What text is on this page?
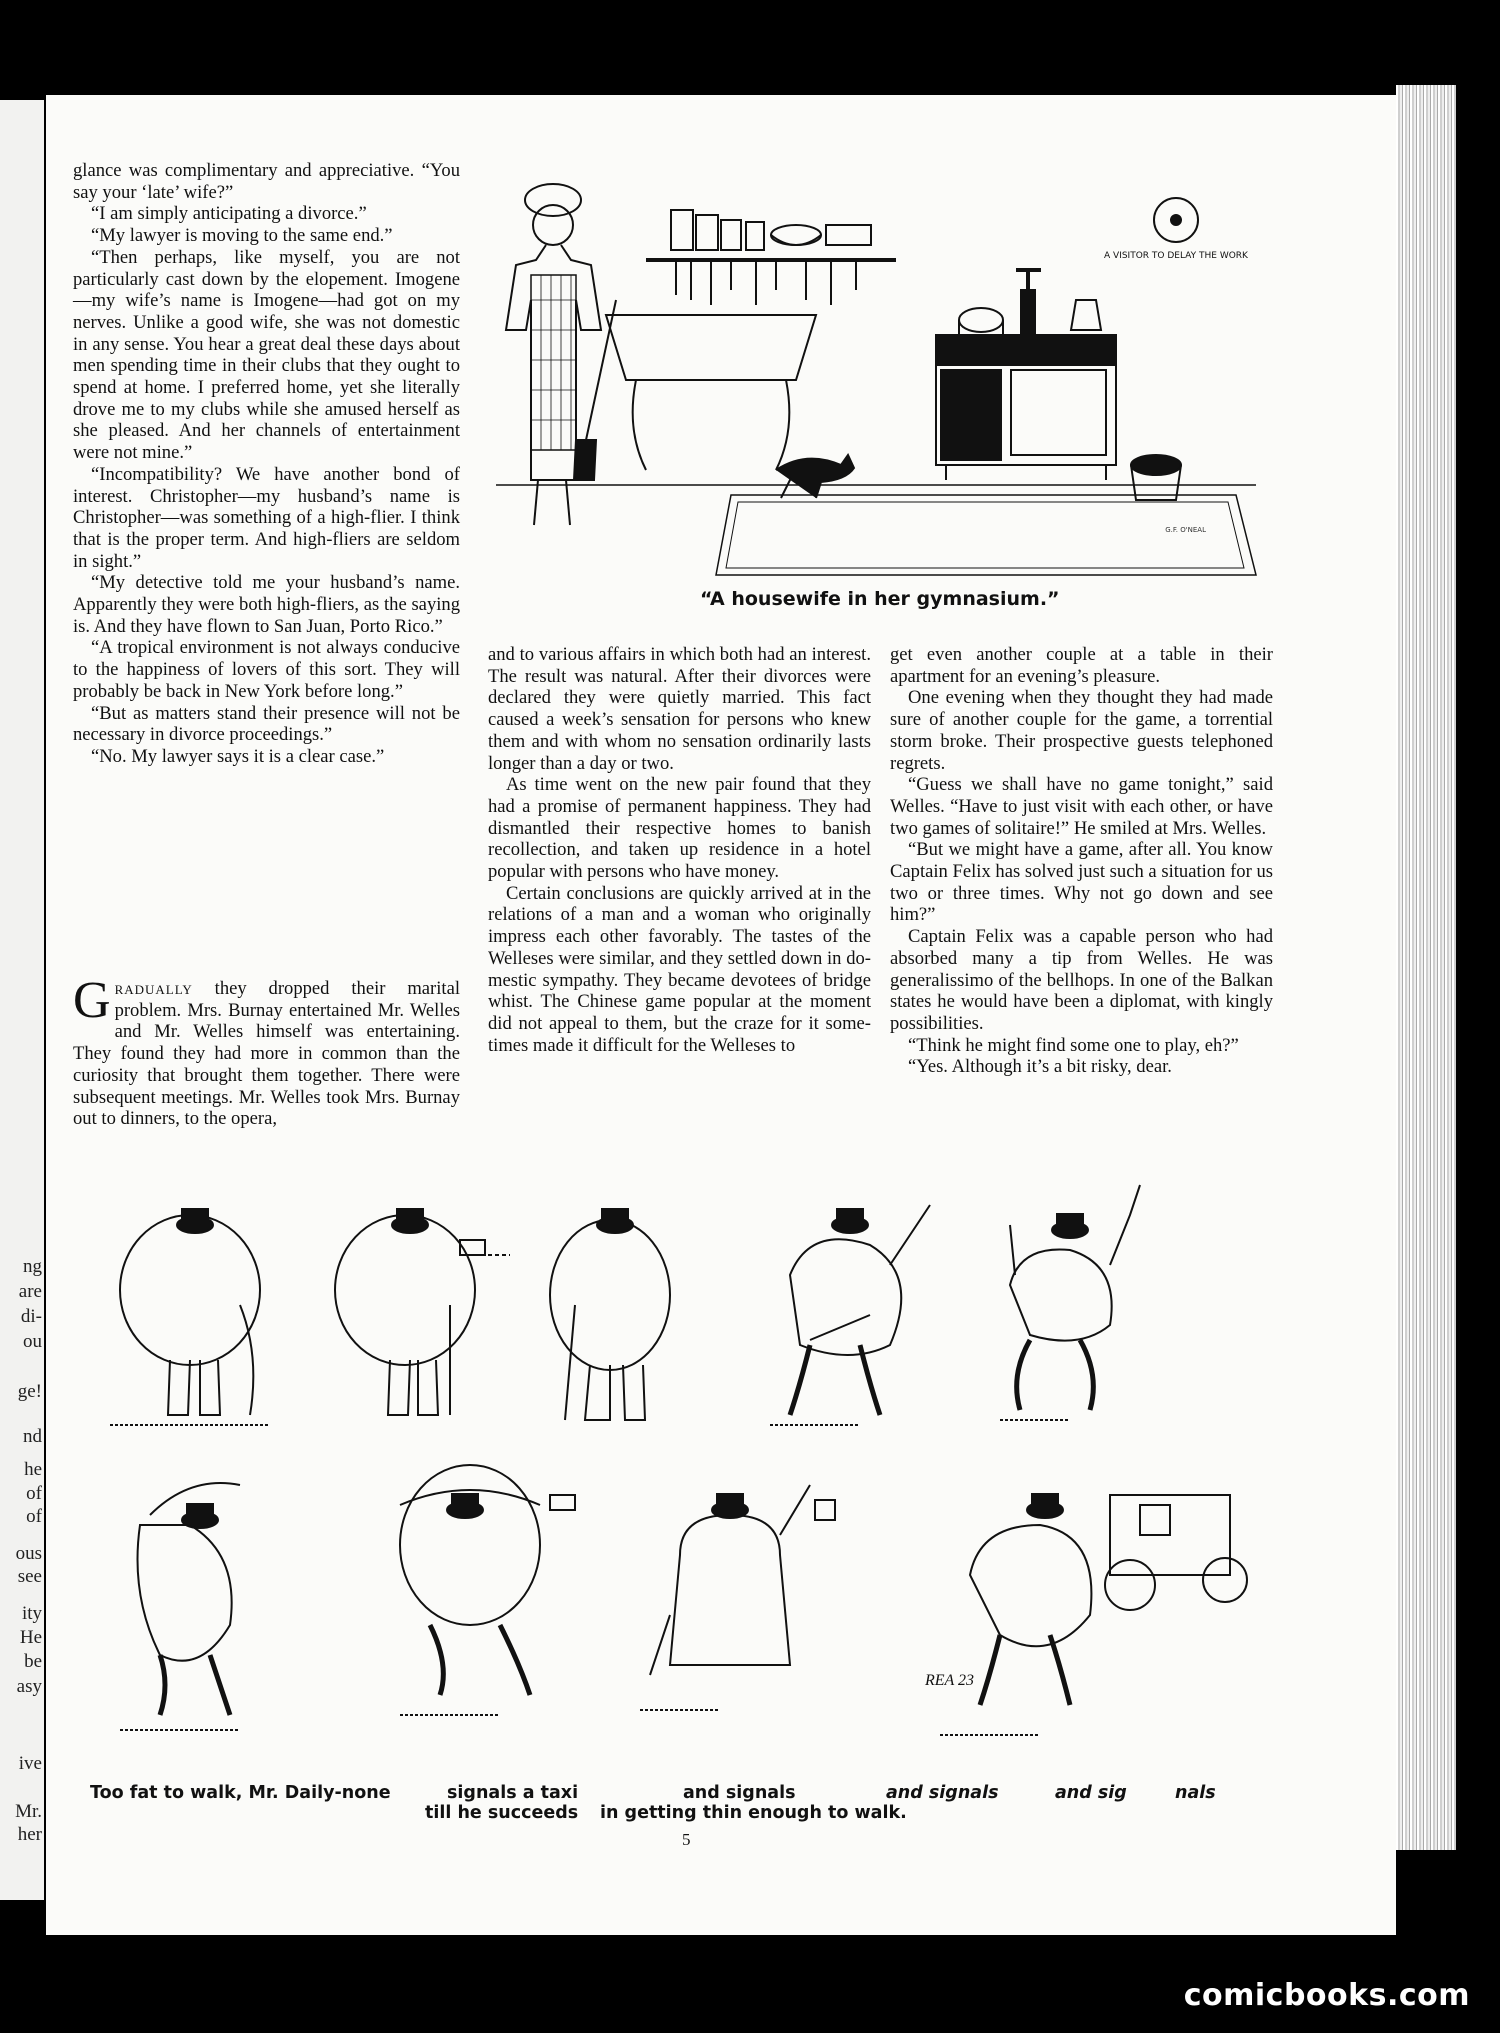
ng
are
di-
ou
ge!
nd
he
of
of
ous
see
ity
He
be
asy
ive
Mr.
her

glance was complimentary and appreciative. “You say your ‘late’ wife?”

“I am simply anticipating a divorce.”

“My lawyer is moving to the same end.”

“Then perhaps, like myself, you are not particularly cast down by the elopement. Imogene—my wife’s name is Imogene—had got on my nerves. Unlike a good wife, she was not domestic in any sense. You hear a great deal these days about men spending time in their clubs that they ought to spend at home. I preferred home, yet she literally drove me to my clubs while she amused herself as she pleased. And her channels of entertainment were not mine.”

“Incompatibility? We have another bond of interest. Christopher—my husband’s name is Christopher—was something of a high-flier. I think that is the proper term. And high-fliers are seldom in sight.”

“My detective told me your husband’s name. Apparently they were both high-fliers, as the saying is. And they have flown to San Juan, Porto Rico.”

“A tropical environment is not always conducive to the happiness of lovers of this sort. They will probably be back in New York before long.”

“But as matters stand their presence will not be necessary in divorce proceedings.”

“No. My lawyer says it is a clear case.”

Gradually they dropped their marital problem. Mrs. Burnay entertained Mr. Welles and Mr. Welles himself was entertaining. They found they had more in common than the curiosity that brought them together. There were subsequent meetings. Mr. Welles took Mrs. Burnay out to dinners, to the opera,

and to various affairs in which both had an interest. The result was natural. After their divorces were declared they were quietly married. This fact caused a week’s sensation for persons who knew them and with whom no sensation ordinarily lasts longer than a day or two.

As time went on the new pair found that they had a promise of permanent happiness. They had dismantled their respective homes to banish recollection, and taken up residence in a hotel popular with persons who have money.

Certain conclusions are quickly arrived at in the relations of a man and a woman who originally impress each other favorably. The tastes of the Welleses were similar, and they settled down in domestic sympathy. They became devotees of bridge whist. The Chinese game popular at the moment did not appeal to them, but the craze for it sometimes made it difficult for the Welleses to

get even another couple at a table in their apartment for an evening’s pleasure.

One evening when they thought they had made sure of another couple for the game, a torrential storm broke. Their prospective guests telephoned regrets.

“Guess we shall have no game tonight,” said Welles. “Have to just visit with each other, or have two games of solitaire!” He smiled at Mrs. Welles.

“But we might have a game, after all. You know Captain Felix has solved just such a situation for us two or three times. Why not go down and see him?”

Captain Felix was a capable person who had absorbed many a tip from Welles. He was generalissimo of the bellhops. In one of the Balkan states he would have been a diplomat, with kingly possibilities.

“Think he might find some one to play, eh?”

“Yes. Although it’s a bit risky, dear.

A VISITOR TO DELAY THE WORK
G.F. O'NEAL
“A housewife in her gymnasium.”
REA 23
Too fat to walk, Mr. Daily-none	signals a taxi	and signals	and signals	and sig	nals
till he succeeds in getting thin enough to walk.
5
comicbooks.com
